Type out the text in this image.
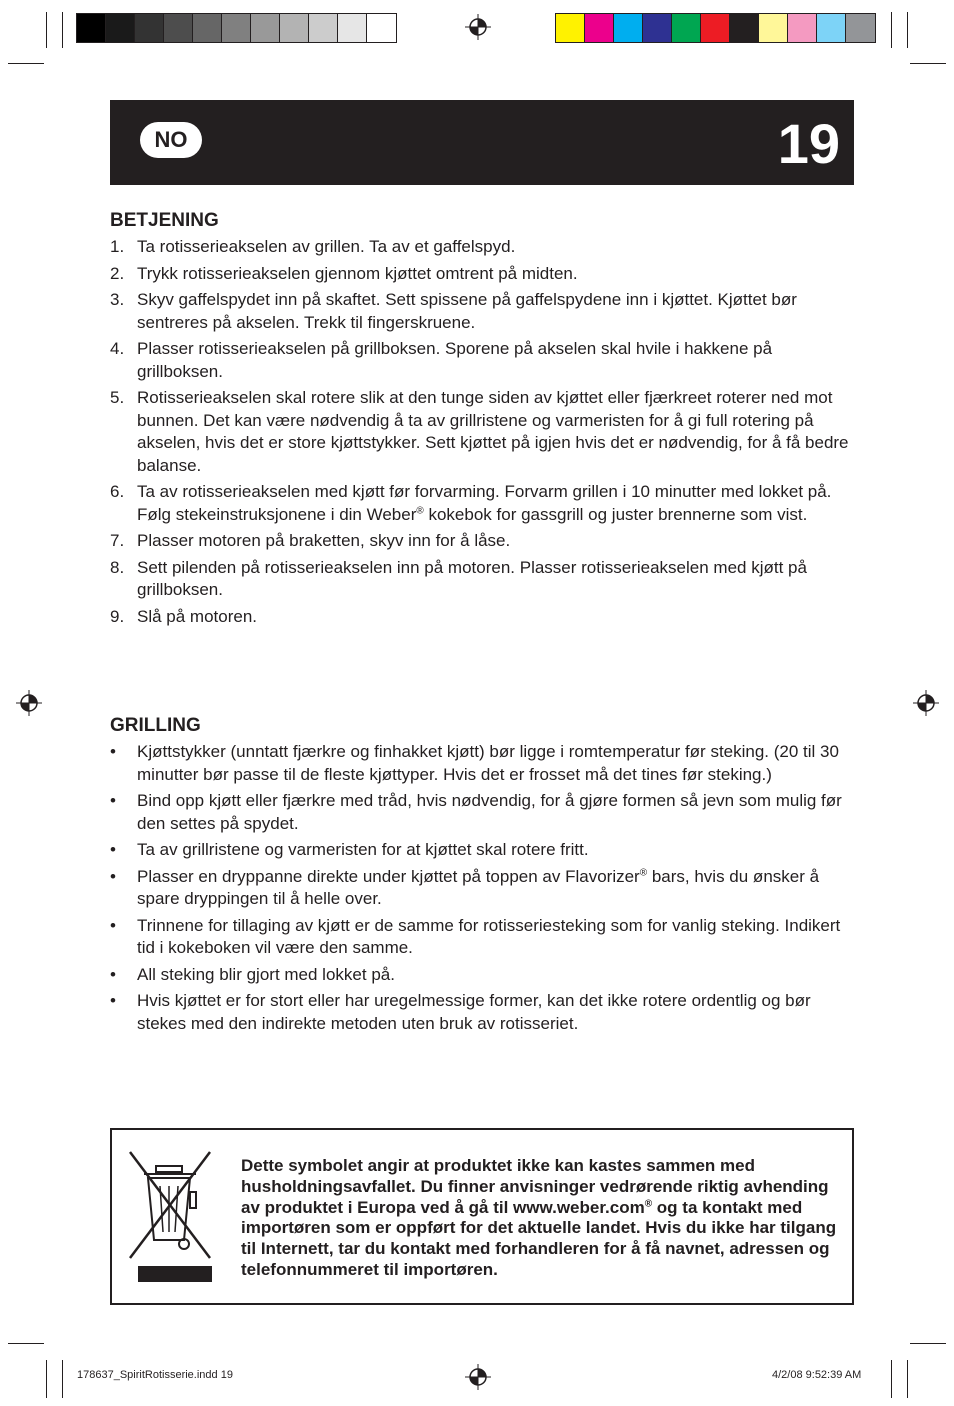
NO	19
BETJENING
1. Ta rotisserieakselen av grillen. Ta av et gaffelspyd.
2. Trykk rotisserieakselen gjennom kjøttet omtrent på midten.
3. Skyv gaffelspydet inn på skaftet. Sett spissene på gaffelspydene inn i kjøttet. Kjøttet bør sentreres på akselen. Trekk til fingerskruene.
4. Plasser rotisserieakselen på grillboksen. Sporene på akselen skal hvile i hakkene på grillboksen.
5. Rotisserieakselen skal rotere slik at den tunge siden av kjøttet eller fjærkreet roterer ned mot bunnen. Det kan være nødvendig å ta av grillristene og varmeristen for å gi full rotering på akselen, hvis det er store kjøttstykker. Sett kjøttet på igjen hvis det er nødvendig, for å få bedre balanse.
6. Ta av rotisserieakselen med kjøtt før forvarming. Forvarm grillen i 10 minutter med lokket på. Følg stekeinstruksjonene i din Weber® kokebok for gassgrill og juster brennerne som vist.
7. Plasser motoren på braketten, skyv inn for å låse.
8. Sett pilenden på rotisserieakselen inn på motoren. Plasser rotisserieakselen med kjøtt på grillboksen.
9. Slå på motoren.
GRILLING
• Kjøttstykker (unntatt fjærkre og finhakket kjøtt) bør ligge i romtemperatur før steking. (20 til 30 minutter bør passe til de fleste kjøttyper. Hvis det er frosset må det tines før steking.)
• Bind opp kjøtt eller fjærkre med tråd, hvis nødvendig, for å gjøre formen så jevn som mulig før den settes på spydet.
• Ta av grillristene og varmeristen for at kjøttet skal rotere fritt.
• Plasser en dryppanne direkte under kjøttet på toppen av Flavorizer® bars, hvis du ønsker å spare dryppingen til å helle over.
• Trinnene for tillaging av kjøtt er de samme for rotisseriesteking som for vanlig steking. Indikert tid i kokeboken vil være den samme.
• All steking blir gjort med lokket på.
• Hvis kjøttet er for stort eller har uregelmessige former, kan det ikke rotere ordentlig og bør stekes med den indirekte metoden uten bruk av rotisseriet.

Dette symbolet angir at produktet ikke kan kastes sammen med husholdningsavfallet. Du finner anvisninger vedrørende riktig avhending av produktet i Europa ved å gå til www.weber.com® og ta kontakt med importøren som er oppført for det aktuelle landet. Hvis du ikke har tilgang til Internett, tar du kontakt med forhandleren for å få navnet, adressen og telefonnummeret til importøren.

178637_SpiritRotisserie.indd 19	4/2/08 9:52:39 AM
